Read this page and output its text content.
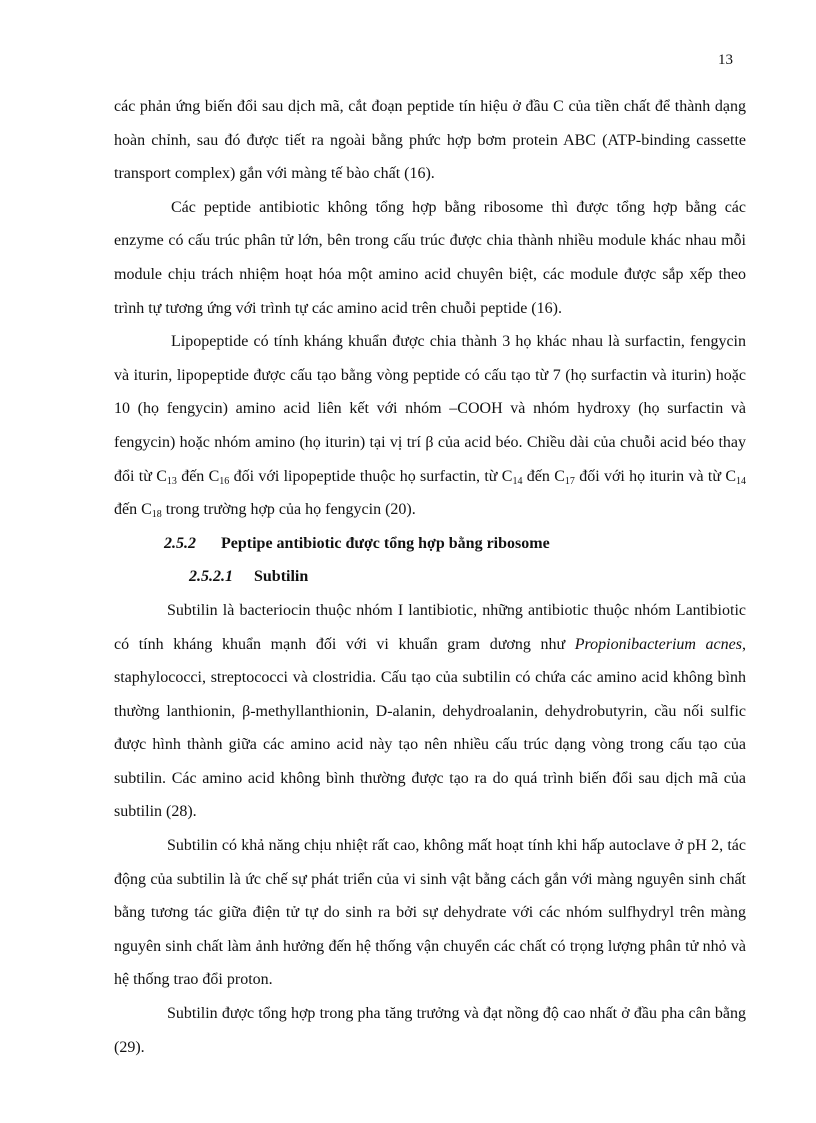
13

các phản ứng biến đổi sau dịch mã, cắt đoạn peptide tín hiệu ở đầu C của tiền chất để thành dạng hoàn chỉnh, sau đó được tiết ra ngoài bằng phức hợp bơm protein ABC (ATP-binding cassette transport complex) gắn với màng tế bào chất (16).

Các peptide antibiotic không tổng hợp bằng ribosome thì được tổng hợp bằng các enzyme có cấu trúc phân tử lớn, bên trong cấu trúc được chia thành nhiều module khác nhau mỗi module chịu trách nhiệm hoạt hóa một amino acid chuyên biệt, các module được sắp xếp theo trình tự tương ứng với trình tự các amino acid trên chuỗi peptide (16).

Lipopeptide có tính kháng khuẩn được chia thành 3 họ khác nhau là surfactin, fengycin và iturin, lipopeptide được cấu tạo bằng vòng peptide có cấu tạo từ 7 (họ surfactin và iturin) hoặc 10 (họ fengycin) amino acid liên kết với nhóm –COOH và nhóm hydroxy (họ surfactin và fengycin) hoặc nhóm amino (họ iturin) tại vị trí β của acid béo. Chiều dài của chuỗi acid béo thay đổi từ $C_{13}$ đến $C_{16}$ đối với lipopeptide thuộc họ surfactin, từ $C_{14}$ đến $C_{17}$ đối với họ iturin và từ $C_{14}$ đến $C_{18}$ trong trường hợp của họ fengycin (20).

2.5.2 Peptipe antibiotic được tổng hợp bằng ribosome
2.5.2.1 Subtilin

Subtilin là bacteriocin thuộc nhóm I lantibiotic, những antibiotic thuộc nhóm Lantibiotic có tính kháng khuẩn mạnh đối với vi khuẩn gram dương như Propionibacterium acnes, staphylococci, streptococci và clostridia. Cấu tạo của subtilin có chứa các amino acid không bình thường lanthionin, β-methyllanthionin, D-alanin, dehydroalanin, dehydrobutyrin, cầu nối sulfic được hình thành giữa các amino acid này tạo nên nhiều cấu trúc dạng vòng trong cấu tạo của subtilin. Các amino acid không bình thường được tạo ra do quá trình biến đổi sau dịch mã của subtilin (28).

Subtilin có khả năng chịu nhiệt rất cao, không mất hoạt tính khi hấp autoclave ở pH 2, tác động của subtilin là ức chế sự phát triển của vi sinh vật bằng cách gắn với màng nguyên sinh chất bằng tương tác giữa điện tử tự do sinh ra bởi sự dehydrate với các nhóm sulfhydryl trên màng nguyên sinh chất làm ảnh hưởng đến hệ thống vận chuyển các chất có trọng lượng phân tử nhỏ và hệ thống trao đổi proton.

Subtilin được tổng hợp trong pha tăng trưởng và đạt nồng độ cao nhất ở đầu pha cân bằng (29).
